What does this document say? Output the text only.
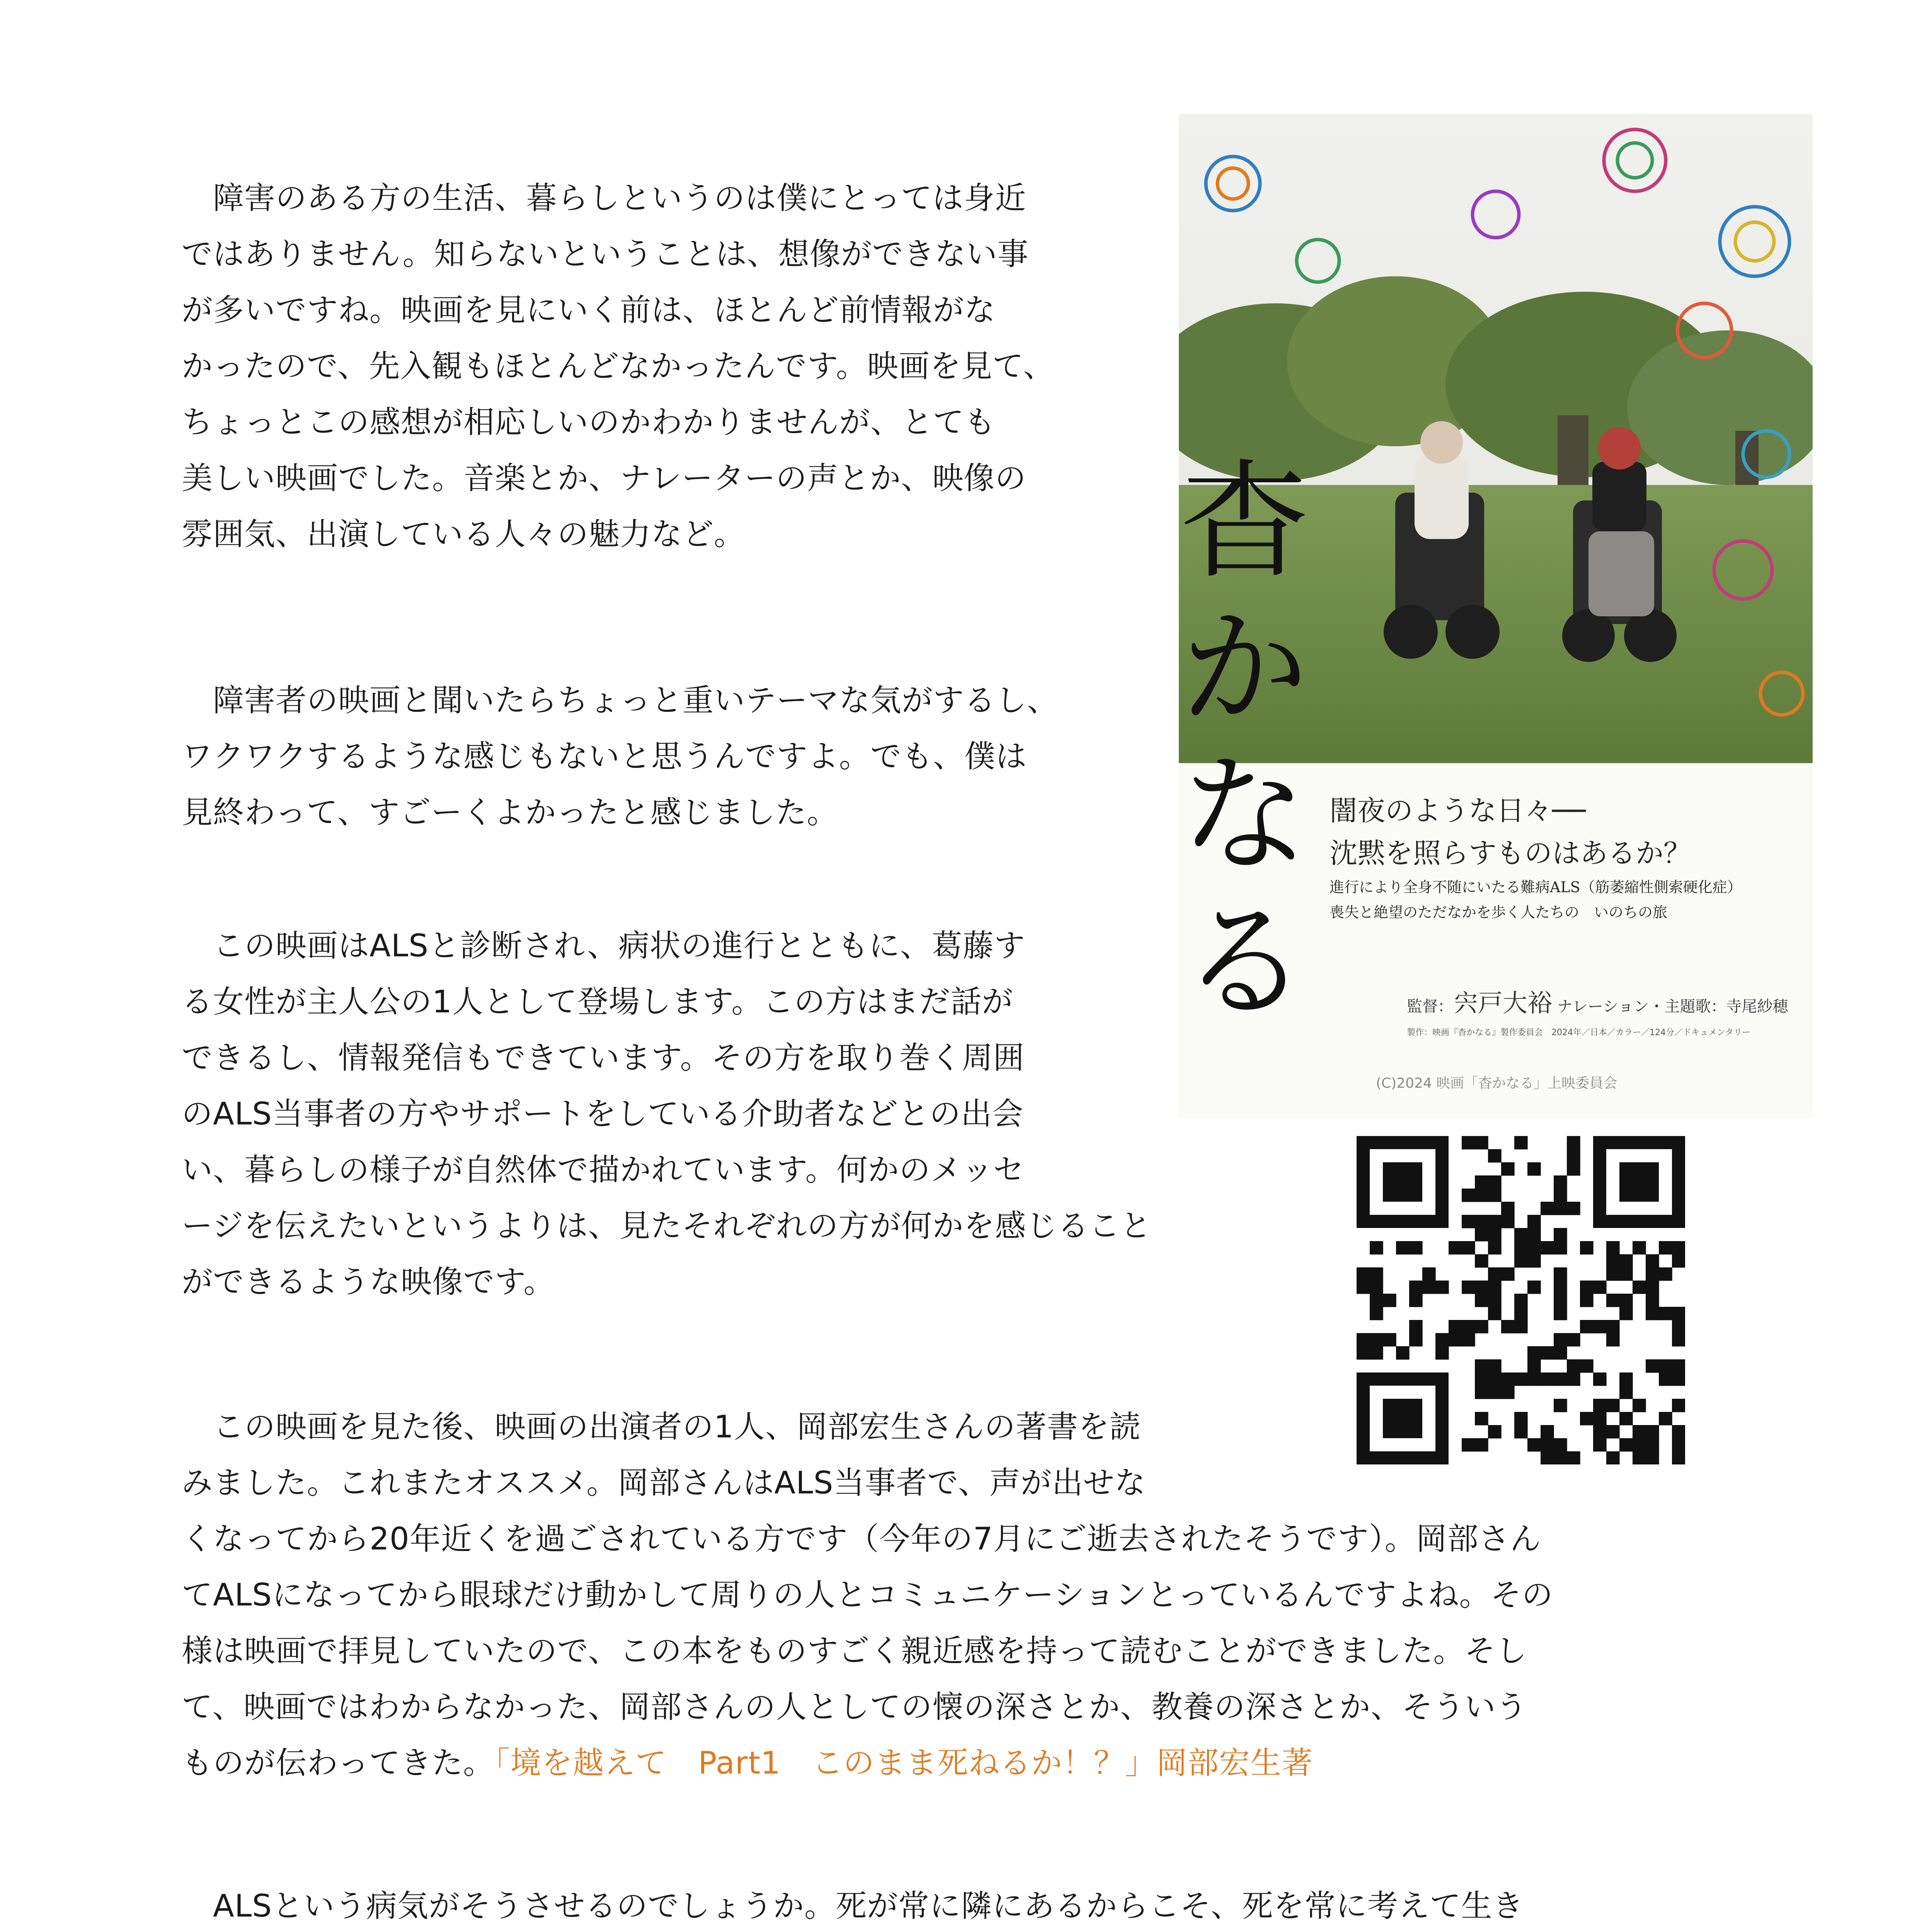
　障害のある方の生活、暮らしというのは僕にとっては身近
ではありません。知らないということは、想像ができない事
が多いですね。映画を見にいく前は、ほとんど前情報がな
かったので、先入観もほとんどなかったんです。映画を見て、
ちょっとこの感想が相応しいのかわかりませんが、とても
美しい映画でした。音楽とか、ナレーターの声とか、映像の
雰囲気、出演している人々の魅力など。
　障害者の映画と聞いたらちょっと重いテーマな気がするし、
ワクワクするような感じもないと思うんですよ。でも、僕は
見終わって、すごーくよかったと感じました。
　この映画はALSと診断され、病状の進行とともに、葛藤す
る女性が主人公の1人として登場します。この方はまだ話が
できるし、情報発信もできています。その方を取り巻く周囲
のALS当事者の方やサポートをしている介助者などとの出会
い、暮らしの様子が自然体で描かれています。何かのメッセ
ージを伝えたいというよりは、見たそれぞれの方が何かを感じること
ができるような映像です。
　この映画を見た後、映画の出演者の1人、岡部宏生さんの著書を読
みました。これまたオススメ。岡部さんはALS当事者で、声が出せな
くなってから20年近くを過ごされている方です（今年の7月にご逝去されたそうです）。岡部さん
てALSになってから眼球だけ動かして周りの人とコミュニケーションとっているんですよね。その
様は映画で拝見していたので、この本をものすごく親近感を持って読むことができました。そし
て、映画ではわからなかった、岡部さんの人としての懐の深さとか、教養の深さとか、そういう
ものが伝わってきた。「境を越えて　Part1　このまま死ねるか！？」岡部宏生著
　ALSという病気がそうさせるのでしょうか。死が常に隣にあるからこそ、死を常に考えて生き
杳
か
な
る
闇夜のような日々──
沈黙を照らすものはあるか？
進行により全身不随にいたる難病ALS（筋萎縮性側索硬化症）
喪失と絶望のただなかを歩く人たちの　いのちの旅
監督：宍戸大裕 ナレーション・主題歌：寺尾紗穂
製作：映画『杳かなる』製作委員会　2024年／日本／カラー／124分／ドキュメンタリー
(C)2024 映画「杳かなる」上映委員会
